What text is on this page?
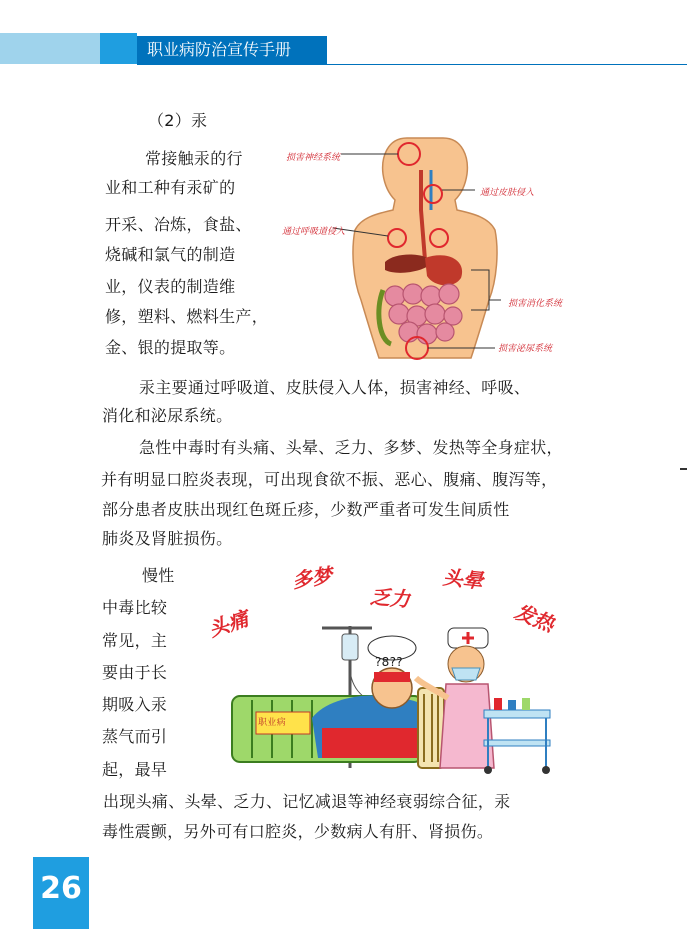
职业病防治宣传手册
（2）汞
常接触汞的行
业和工种有汞矿的
开采、冶炼，食盐、
烧碱和氯气的制造
业，仪表的制造维
修，塑料、燃料生产，
金、银的提取等。
损害神经系统
通过皮肤侵入
通过呼吸道侵入
损害消化系统
损害泌尿系统
汞主要通过呼吸道、皮肤侵入人体，损害神经、呼吸、
消化和泌尿系统。
急性中毒时有头痛、头晕、乏力、多梦、发热等全身症状，
并有明显口腔炎表现，可出现食欲不振、恶心、腹痛、腹泻等，
部分患者皮肤出现红色斑丘疹，少数严重者可发生间质性
肺炎及肾脏损伤。
慢性
中毒比较
常见，主
要由于长
期吸入汞
蒸气而引
起，最早
头痛
多梦
乏力
头晕
发热
?8??
职业病
出现头痛、头晕、乏力、记忆减退等神经衰弱综合征，汞
毒性震颤，另外可有口腔炎，少数病人有肝、肾损伤。
26
